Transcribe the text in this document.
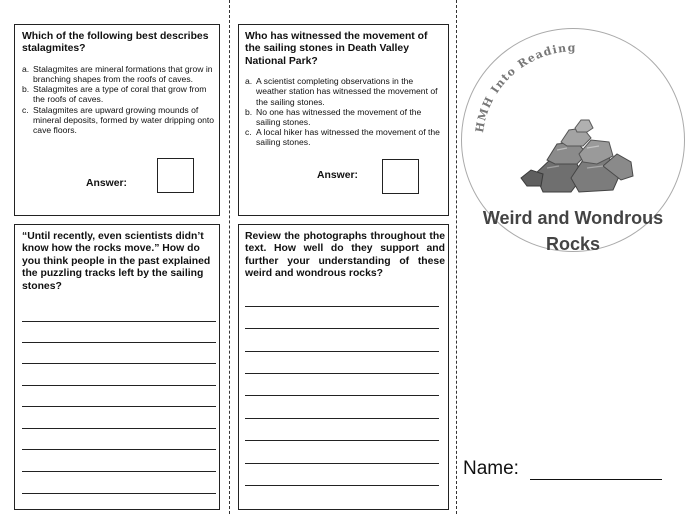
Which of the following best describes stalagmites?
a. Stalagmites are mineral formations that grow in branching shapes from the roofs of caves.
b. Stalagmites are a type of coral that grow from the roofs of caves.
c. Stalagmites are upward growing mounds of mineral deposits, formed by water dripping onto cave floors.
Answer:
Who has witnessed the movement of the sailing stones in Death Valley National Park?
a. A scientist completing observations in the weather station has witnessed the movement of the sailing stones.
b. No one has witnessed the movement of the sailing stones.
c. A local hiker has witnessed the movement of the sailing stones.
Answer:
“Until recently, even scientists didn’t know how the rocks move.” How do you think people in the past explained the puzzling tracks left by the sailing stones?
Review the photographs throughout the text. How well do they support and further your understanding of these weird and wondrous rocks?
HMH Into Reading
Weird and Wondrous
Rocks
Name:
